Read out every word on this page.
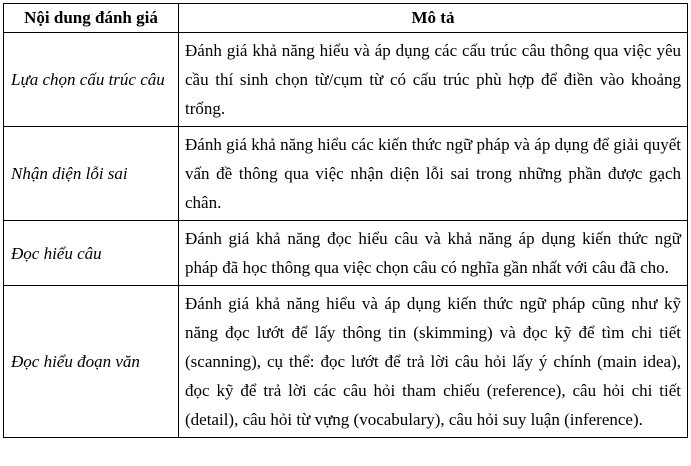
Nội dung đánh giá	Mô tả
Lựa chọn cấu trúc câu	Đánh giá khả năng hiểu và áp dụng các cấu trúc câu thông qua việc yêu cầu thí sinh chọn từ/cụm từ có cấu trúc phù hợp để điền vào khoảng trống.
Nhận diện lỗi sai	Đánh giá khả năng hiểu các kiến thức ngữ pháp và áp dụng để giải quyết vấn đề thông qua việc nhận diện lỗi sai trong những phần được gạch chân.
Đọc hiểu câu	Đánh giá khả năng đọc hiểu câu và khả năng áp dụng kiến thức ngữ pháp đã học thông qua việc chọn câu có nghĩa gần nhất với câu đã cho.
Đọc hiểu đoạn văn	Đánh giá khả năng hiểu và áp dụng kiến thức ngữ pháp cũng như kỹ năng đọc lướt để lấy thông tin (skimming) và đọc kỹ để tìm chi tiết (scanning), cụ thể: đọc lướt để trả lời câu hỏi lấy ý chính (main idea), đọc kỹ để trả lời các câu hỏi tham chiếu (reference), câu hỏi chi tiết (detail), câu hỏi từ vựng (vocabulary), câu hỏi suy luận (inference).
